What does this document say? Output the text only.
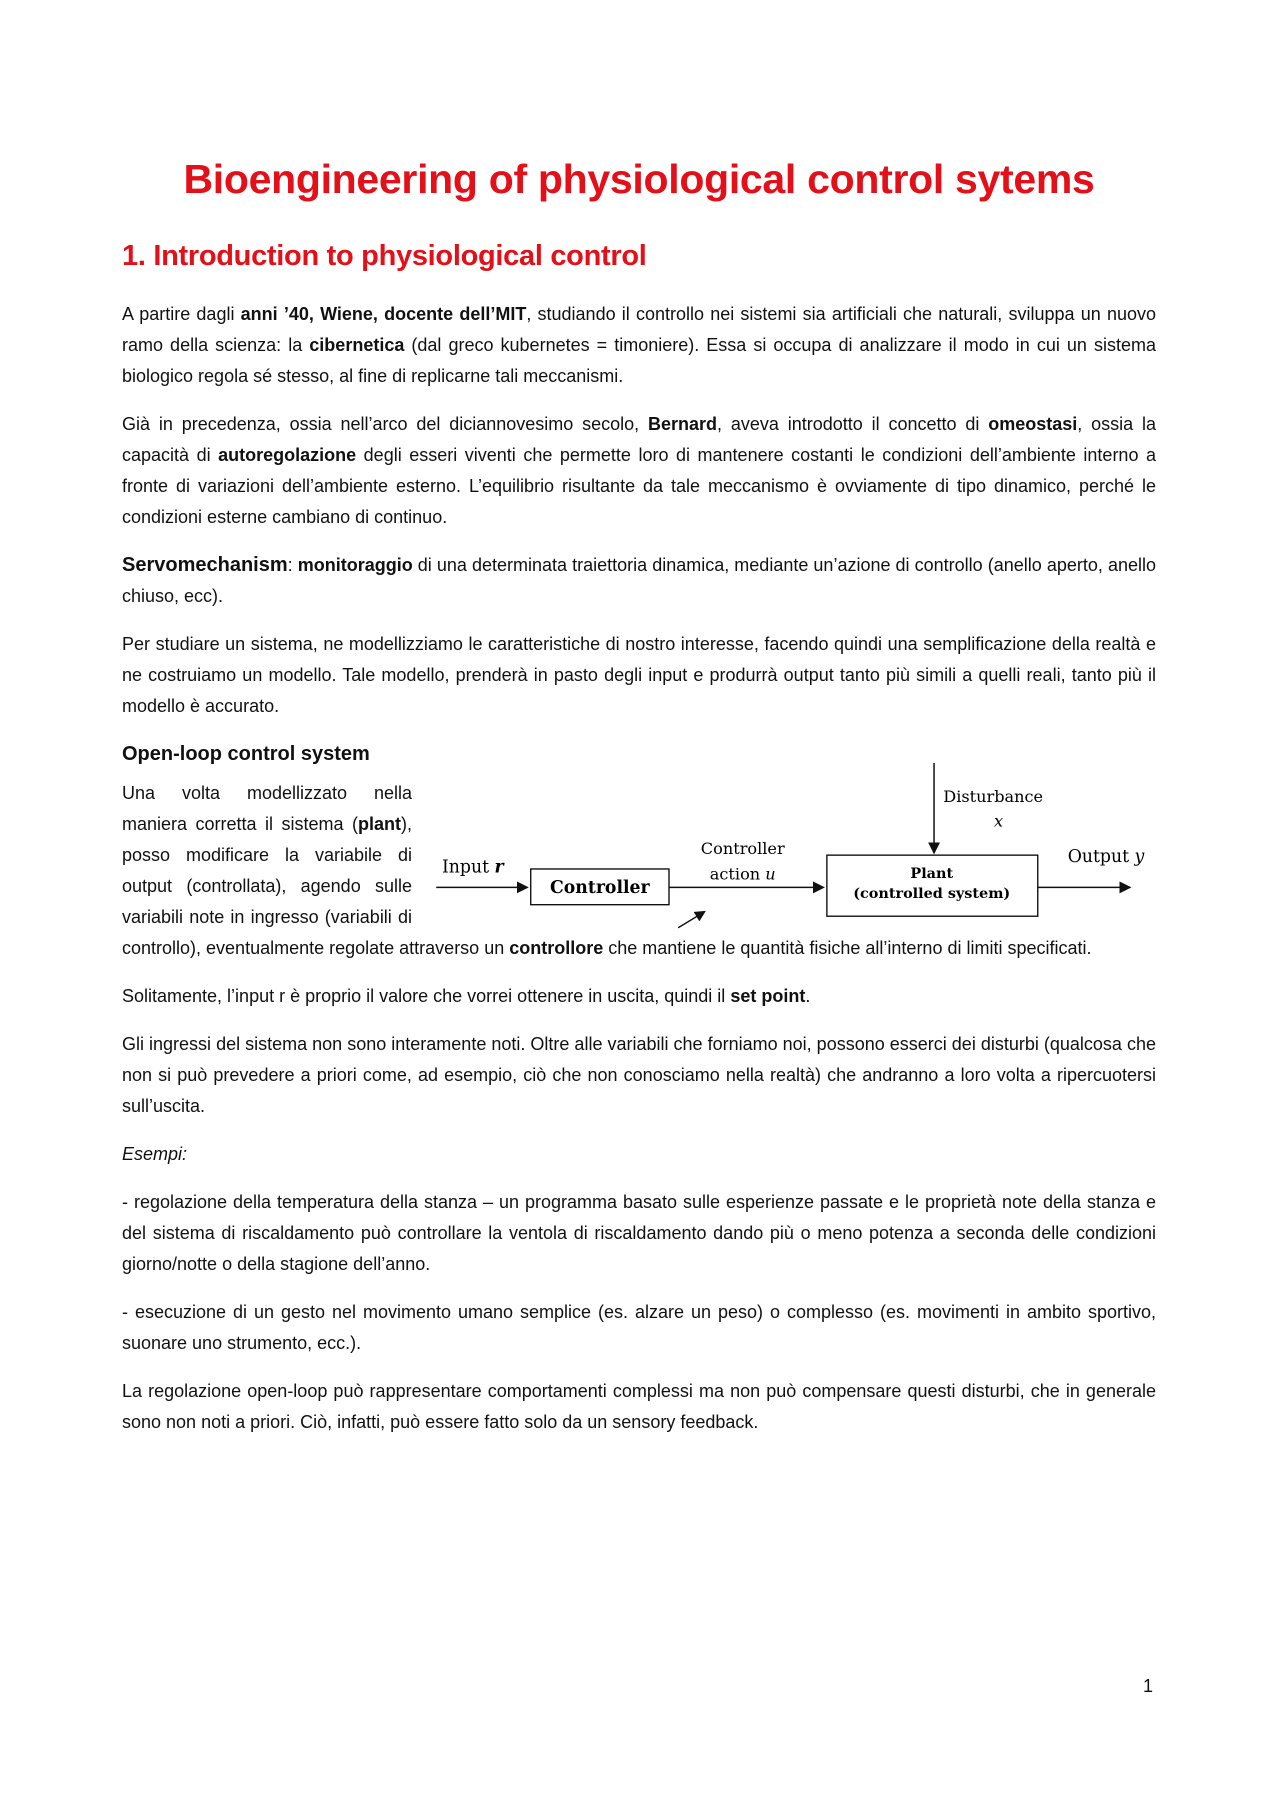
Bioengineering of physiological control sytems
1. Introduction to physiological control

A partire dagli anni ’40, Wiene, docente dell’MIT, studiando il controllo nei sistemi sia artificiali che naturali, sviluppa un nuovo ramo della scienza: la cibernetica (dal greco kubernetes = timoniere). Essa si occupa di analizzare il modo in cui un sistema biologico regola sé stesso, al fine di replicarne tali meccanismi.

Già in precedenza, ossia nell’arco del diciannovesimo secolo, Bernard, aveva introdotto il concetto di omeostasi, ossia la capacità di autoregolazione degli esseri viventi che permette loro di mantenere costanti le condizioni dell’ambiente interno a fronte di variazioni dell’ambiente esterno. L’equilibrio risultante da tale meccanismo è ovviamente di tipo dinamico, perché le condizioni esterne cambiano di continuo.

Servomechanism: monitoraggio di una determinata traiettoria dinamica, mediante un’azione di controllo (anello aperto, anello chiuso, ecc).

Per studiare un sistema, ne modellizziamo le caratteristiche di nostro interesse, facendo quindi una semplificazione della realtà e ne costruiamo un modello. Tale modello, prenderà in pasto degli input e produrrà output tanto più simili a quelli reali, tanto più il modello è accurato.

Open-loop control system

Input r
Controller
Controller
action u
Disturbance
x
Plant
(controlled system)
Output y
Una volta modellizzato nella maniera corretta il sistema (plant), posso modificare la variabile di output (controllata), agendo sulle variabili note in ingresso (variabili di controllo), eventualmente regolate attraverso un controllore che mantiene le quantità fisiche all’interno di limiti specificati.

Solitamente, l’input r è proprio il valore che vorrei ottenere in uscita, quindi il set point.

Gli ingressi del sistema non sono interamente noti. Oltre alle variabili che forniamo noi, possono esserci dei disturbi (qualcosa che non si può prevedere a priori come, ad esempio, ciò che non conosciamo nella realtà) che andranno a loro volta a ripercuotersi sull’uscita.

Esempi:

- regolazione della temperatura della stanza – un programma basato sulle esperienze passate e le proprietà note della stanza e del sistema di riscaldamento può controllare la ventola di riscaldamento dando più o meno potenza a seconda delle condizioni giorno/notte o della stagione dell’anno.

- esecuzione di un gesto nel movimento umano semplice (es. alzare un peso) o complesso (es. movimenti in ambito sportivo, suonare uno strumento, ecc.).

La regolazione open-loop può rappresentare comportamenti complessi ma non può compensare questi disturbi, che in generale sono non noti a priori. Ciò, infatti, può essere fatto solo da un sensory feedback.

1
